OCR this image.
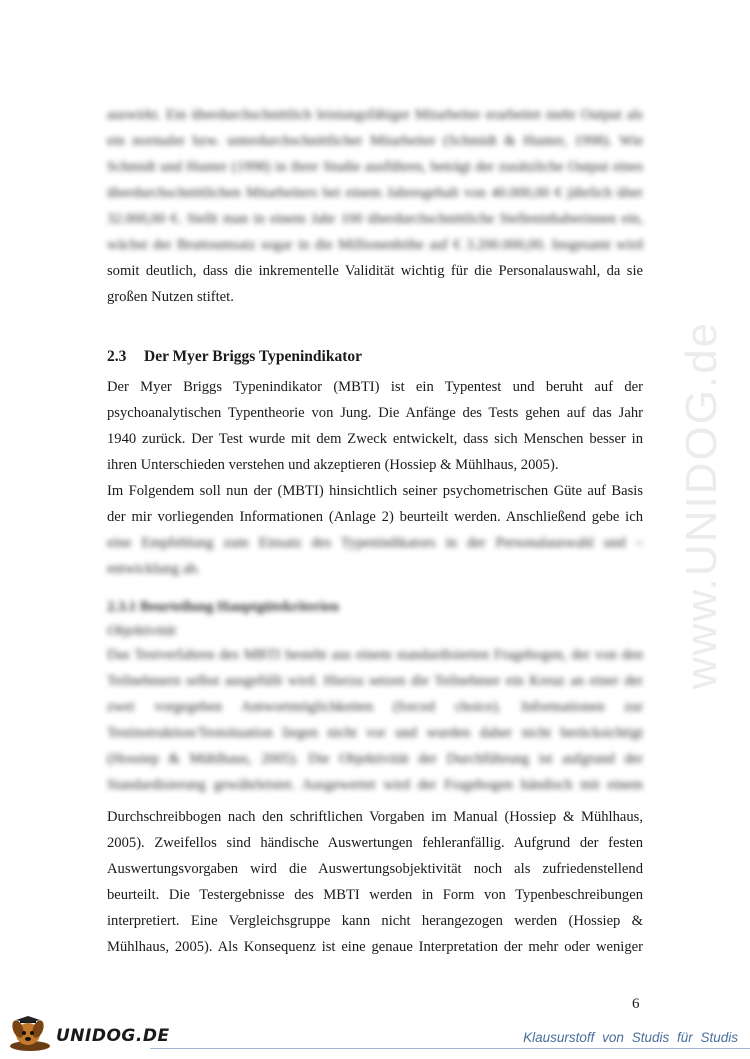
www.UNIDOG.de
auswirkt. Ein überdurchschnittlich leistungsfähiger Mitarbeiter erarbeitet mehr Output als
ein normaler bzw. unterdurchschnittlicher Mitarbeiter (Schmidt & Hunter, 1998). Wie
Schmidt und Hunter (1998) in ihrer Studie ausführen, beträgt der zusätzliche Output eines
überdurchschnittlichen Mitarbeiters bei einem Jahresgehalt von 40.000,00 € jährlich über
32.000,00 €. Stellt man in einem Jahr 100 überdurchschnittliche Stelleninhaberinnen ein,
wächst der Bruttoumsatz sogar in die Millionenhöhe auf € 3.200.000,00. Insgesamt wird
somit deutlich, dass die inkrementelle Validität wichtig für die Personalauswahl, da sie
großen Nutzen stiftet.
2.3 Der Myer Briggs Typenindikator
Der Myer Briggs Typenindikator (MBTI) ist ein Typentest und beruht auf der
psychoanalytischen Typentheorie von Jung. Die Anfänge des Tests gehen auf das Jahr
1940 zurück. Der Test wurde mit dem Zweck entwickelt, dass sich Menschen besser in
ihren Unterschieden verstehen und akzeptieren (Hossiep & Mühlhaus, 2005).
Im Folgendem soll nun der (MBTI) hinsichtlich seiner psychometrischen Güte auf Basis
der mir vorliegenden Informationen (Anlage 2) beurteilt werden. Anschließend gebe ich
eine Empfehlung zum Einsatz des Typenindikators in der Personalauswahl und –
entwicklung ab.
2.3.1 Beurteilung Hauptgütekriterien
Objektivität
Das Testverfahren des MBTI besteht aus einem standardisierten Fragebogen, der von den
Teilnehmern selbst ausgefüllt wird. Hierzu setzen die Teilnehmer ein Kreuz an einer der
zwei vorgegeben Antwortmöglichkeiten (forced choice). Informationen zur
Testinstruktion/Testsituation liegen nicht vor und wurden daher nicht berücksichtigt
(Hossiep & Mühlhaus, 2005). Die Objektivität der Durchführung ist aufgrund der
Standardisierung gewährleistet. Ausgewertet wird der Fragebogen händisch mit einem
Durchschreibbogen nach den schriftlichen Vorgaben im Manual (Hossiep & Mühlhaus,
2005). Zweifellos sind händische Auswertungen fehleranfällig. Aufgrund der festen
Auswertungsvorgaben wird die Auswertungsobjektivität noch als zufriedenstellend
beurteilt. Die Testergebnisse des MBTI werden in Form von Typenbeschreibungen
interpretiert. Eine Vergleichsgruppe kann nicht herangezogen werden (Hossiep &
Mühlhaus, 2005). Als Konsequenz ist eine genaue Interpretation der mehr oder weniger
6
UNIDOG.DE	Klausurstoff von Studis für Studis
